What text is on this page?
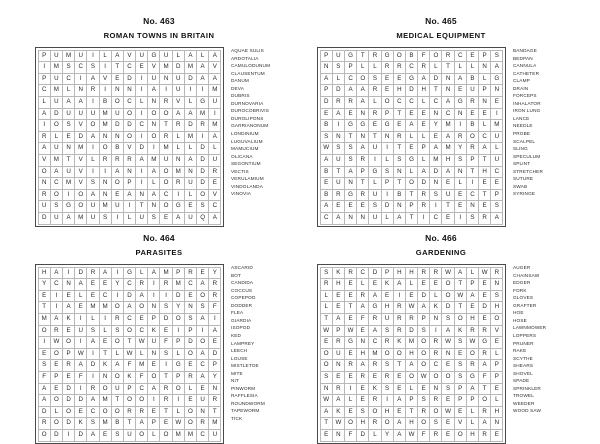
No. 463
ROMAN TOWNS IN BRITAIN
P	U	M	U	I	L	A	V	U	G	U	L	A	L	A
I	M	S	C	S	I	T	C	E	V	M	D	M	A	V
P	U	C	I	A	V	E	D	I	U	N	U	D	A	A
C	M	L	N	R	I	N	N	I	A	I	U	I	I	M
L	U	A	A	I	B	O	C	L	N	R	V	L	G	U
A	D	U	U	U	M	U	O	I	O	O	A	A	M	I
I	O	S	V	O	M	D	D	C	N	T	R	D	R	M
R	L	E	D	A	N	N	O	I	O	R	L	M	I	A
A	U	N	M	I	O	B	V	D	I	M	L	L	D	L
V	M	T	V	L	R	R	R	A	M	U	N	A	D	U
O	A	U	V	I	I	A	N	I	A	O	M	N	D	R
N	C	M	V	S	N	O	P	I	L	O	R	U	D	E
R	O	I	O	A	N	E	A	N	A	C	I	L	O	V
U	S	G	O	U	M	U	I	T	N	O	G	E	S	C
D	U	A	M	U	S	I	L	U	S	E	A	U	Q	A
AQUAE SULIS
ARDOTALIA
CAMULODUNUM
CLAUSENTUM
DANUM
DEVA
DUBRIS
DURNOVARIA
DUROCOBRIVIS
DUROLIPONS
GARRIANONUM
LONDINIUM
LUGUVALIUM
MAMUCIUM
OLICANA
SEGONTIUM
VECTIS
VERULAMIUM
VINDOLANDA
VINOVIA
No. 465
MEDICAL EQUIPMENT
P	U	G	T	R	G	O	B	F	O	R	C	E	P	S
N	S	P	L	L	R	R	C	R	L	T	L	L	N	A
A	L	C	O	S	E	E	G	A	D	N	A	B	L	G
P	D	A	A	R	E	H	D	H	T	N	E	U	P	N
D	R	R	A	L	O	C	C	L	C	A	G	R	N	E
E	A	E	N	R	P	T	E	E	N	C	N	E	E	I
B	I	G	G	E	G	E	A	E	Y	M	I	B	L	M
S	N	T	N	T	N	R	L	L	E	A	R	O	C	U
W	S	S	A	U	I	T	E	P	A	M	Y	R	A	L
A	U	S	R	I	L	S	G	L	M	H	S	P	T	U
B	T	A	P	G	S	N	L	A	D	A	N	T	H	C
E	U	N	T	L	P	T	O	D	N	E	L	I	E	E
B	R	G	R	U	I	B	T	R	S	U	E	C	T	P
A	E	E	E	S	D	N	P	R	I	T	E	N	E	S
C	A	N	N	U	L	A	T	I	C	E	I	S	R	A
BANDAGE
BEDPAN
CANNULA
CATHETER
CLAMP
DRAIN
FORCEPS
INHALATOR
IRON LUNG
LANCE
NEEDLE
PROBE
SCALPEL
SLING
SPECULUM
SPLINT
STRETCHER
SUTURE
SWAB
SYRINGE
No. 464
PARASITES
H	A	I	D	R	A	I	G	L	A	M	P	R	E	Y
Y	C	N	A	E	E	Y	C	R	I	R	M	C	A	R
E	I	E	L	E	C	I	D	A	I	I	D	E	O	R
T	I	A	E	M	M	O	A	O	N	S	Y	N	S	F
M	A	K	I	L	I	R	C	E	P	D	O	S	A	I
O	R	E	U	S	L	S	O	C	K	E	I	P	I	A
I	W	O	I	A	E	O	T	W	U	F	P	D	O	E
E	O	P	W	I	T	L	W	L	N	S	L	O	A	D
S	E	R	A	D	K	A	F	M	E	I	G	E	C	P
F	P	E	F	I	N	O	K	F	O	T	P	R	A	Y
A	E	D	I	R	O	U	P	C	A	R	O	L	E	N
A	O	D	D	A	M	T	O	O	I	R	I	E	U	R
D	L	O	E	C	O	O	R	R	E	T	L	O	N	T
R	O	D	K	S	M	B	T	A	P	E	W	O	R	M
O	D	I	D	A	E	S	U	O	L	O	M	M	C	U
ASCARID
BOT
CANDIDA
COCCUS
COPEPOD
DODDER
FLEA
GIARDIA
ISOPOD
KED
LAMPREY
LEECH
LOUSE
MISTLETOE
MITE
NIT
PINWORM
RAFFLESIA
ROUNDWORM
TAPEWORM
TICK
No. 466
GARDENING
S	K	R	C	D	P	H	H	R	R	W	A	L	W	R
R	H	E	L	E	K	A	L	E	E	O	T	P	E	N
L	E	E	R	A	E	I	E	D	L	O	W	A	E	S
L	E	T	A	G	H	R	W	A	K	D	T	E	D	H
T	A	E	F	R	U	R	R	P	N	S	O	H	E	O
W	P	W	E	A	S	R	D	S	I	A	K	R	R	V
E	R	G	N	C	R	K	M	O	R	W	S	W	G	E
O	U	E	H	M	O	O	H	O	R	N	E	O	R	L
O	N	R	A	R	S	T	A	O	C	E	S	R	A	P
S	E	E	R	E	R	E	O	W	O	O	S	G	F	P
N	R	I	E	K	S	E	L	E	N	S	P	A	T	E
W	A	L	E	R	I	A	P	S	R	E	P	P	O	L
A	K	E	S	O	H	E	T	R	O	W	E	L	R	H
T	W	O	H	R	O	A	H	O	S	E	V	L	A	N
E	N	F	D	L	Y	A	W	F	R	E	O	H	R	E
AUGER
CHAINSAW
EDGER
FORK
GLOVES
GRAFTER
HOE
HOSE
LAWNMOWER
LOPPERS
PRUNER
RAKE
SCYTHE
SHEARS
SHOVEL
SPADE
SPRINKLER
TROWEL
WEEDER
WOOD SAW
